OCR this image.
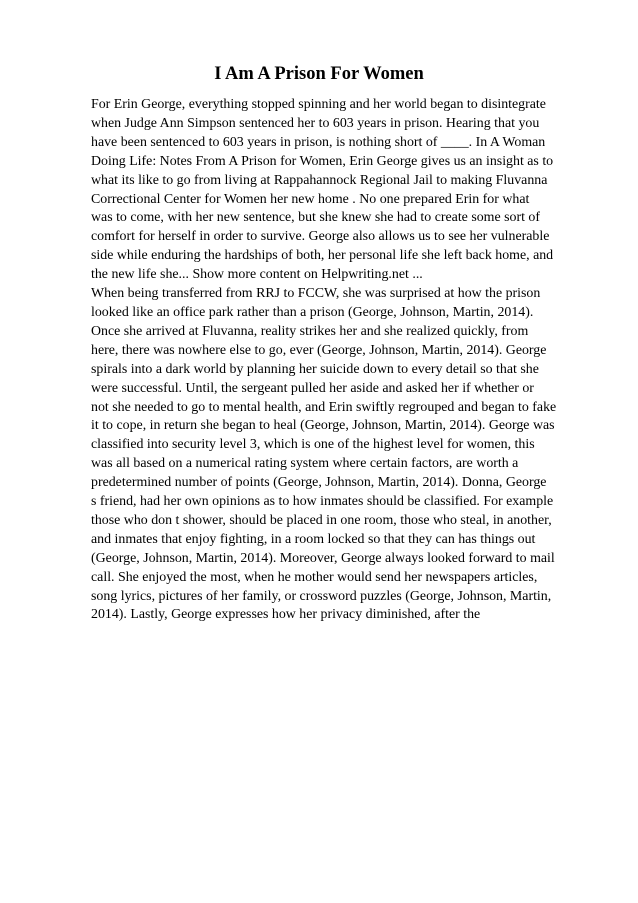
I Am A Prison For Women
For Erin George, everything stopped spinning and her world began to disintegrate
when Judge Ann Simpson sentenced her to 603 years in prison. Hearing that you
have been sentenced to 603 years in prison, is nothing short of ____. In A Woman
Doing Life: Notes From A Prison for Women, Erin George gives us an insight as to
what its like to go from living at Rappahannock Regional Jail to making Fluvanna
Correctional Center for Women her new home . No one prepared Erin for what
was to come, with her new sentence, but she knew she had to create some sort of
comfort for herself in order to survive. George also allows us to see her vulnerable
side while enduring the hardships of both, her personal life she left back home, and
the new life she... Show more content on Helpwriting.net ...
When being transferred from RRJ to FCCW, she was surprised at how the prison
looked like an office park rather than a prison (George, Johnson, Martin, 2014).
Once she arrived at Fluvanna, reality strikes her and she realized quickly, from
here, there was nowhere else to go, ever (George, Johnson, Martin, 2014). George
spirals into a dark world by planning her suicide down to every detail so that she
were successful. Until, the sergeant pulled her aside and asked her if whether or
not she needed to go to mental health, and Erin swiftly regrouped and began to fake
it to cope, in return she began to heal (George, Johnson, Martin, 2014). George was
classified into security level 3, which is one of the highest level for women, this
was all based on a numerical rating system where certain factors, are worth a
predetermined number of points (George, Johnson, Martin, 2014). Donna, George
s friend, had her own opinions as to how inmates should be classified. For example
those who don t shower, should be placed in one room, those who steal, in another,
and inmates that enjoy fighting, in a room locked so that they can has things out
(George, Johnson, Martin, 2014). Moreover, George always looked forward to mail
call. She enjoyed the most, when he mother would send her newspapers articles,
song lyrics, pictures of her family, or crossword puzzles (George, Johnson, Martin,
2014). Lastly, George expresses how her privacy diminished, after the
